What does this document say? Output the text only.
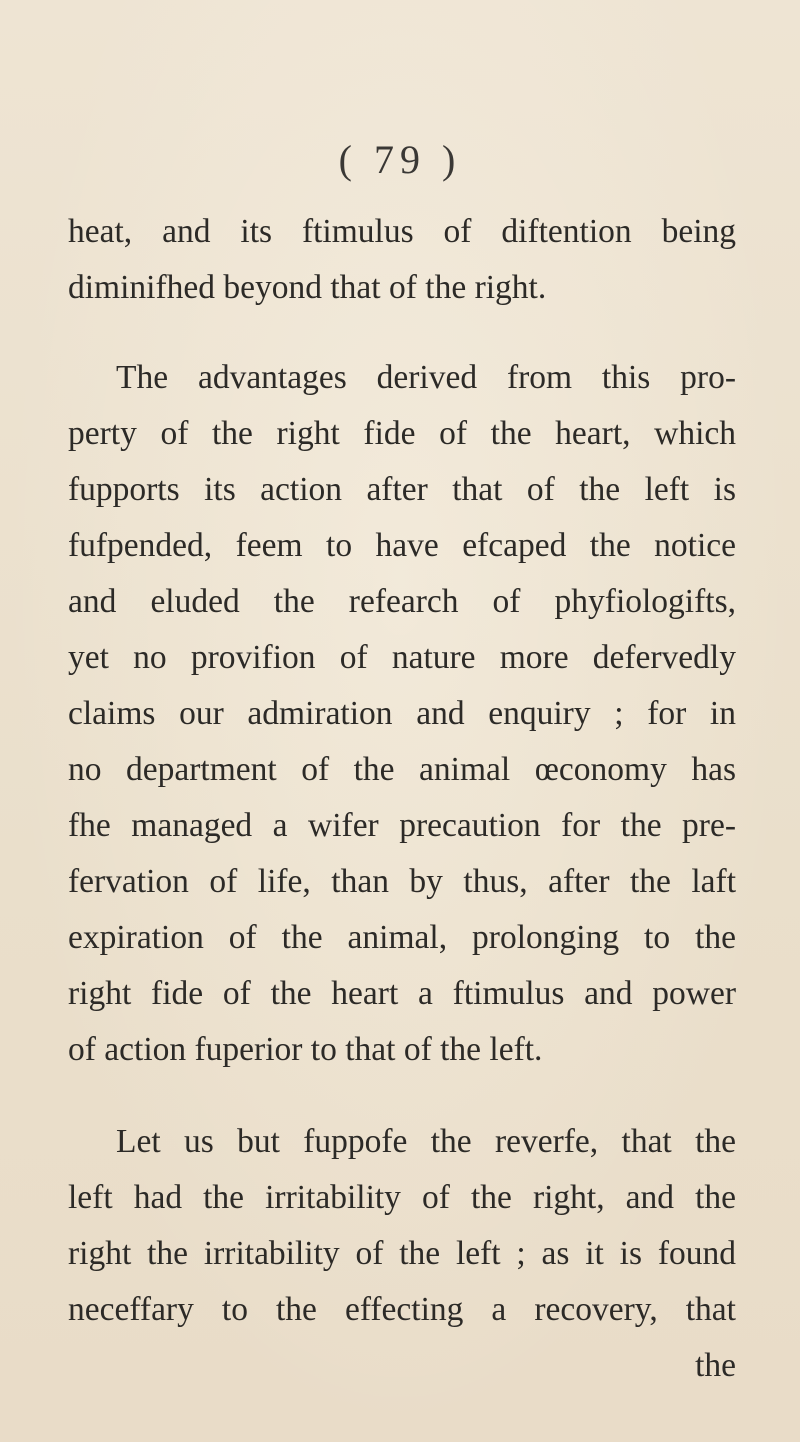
( 79 )
heat, and its ftimulus of diftention being
diminifhed beyond that of the right.
The advantages derived from this pro-
perty of the right fide of the heart, which
fupports its action after that of the left is
fufpended, feem to have efcaped the notice
and eluded the refearch of phyfiologifts,
yet no provifion of nature more defervedly
claims our admiration and enquiry ; for in
no department of the animal œconomy has
fhe managed a wifer precaution for the pre-
fervation of life, than by thus, after the laft
expiration of the animal, prolonging to the
right fide of the heart a ftimulus and power
of action fuperior to that of the left.
Let us but fuppofe the reverfe, that the
left had the irritability of the right, and the
right the irritability of the left ; as it is found
neceffary to the effecting a recovery, that
the
